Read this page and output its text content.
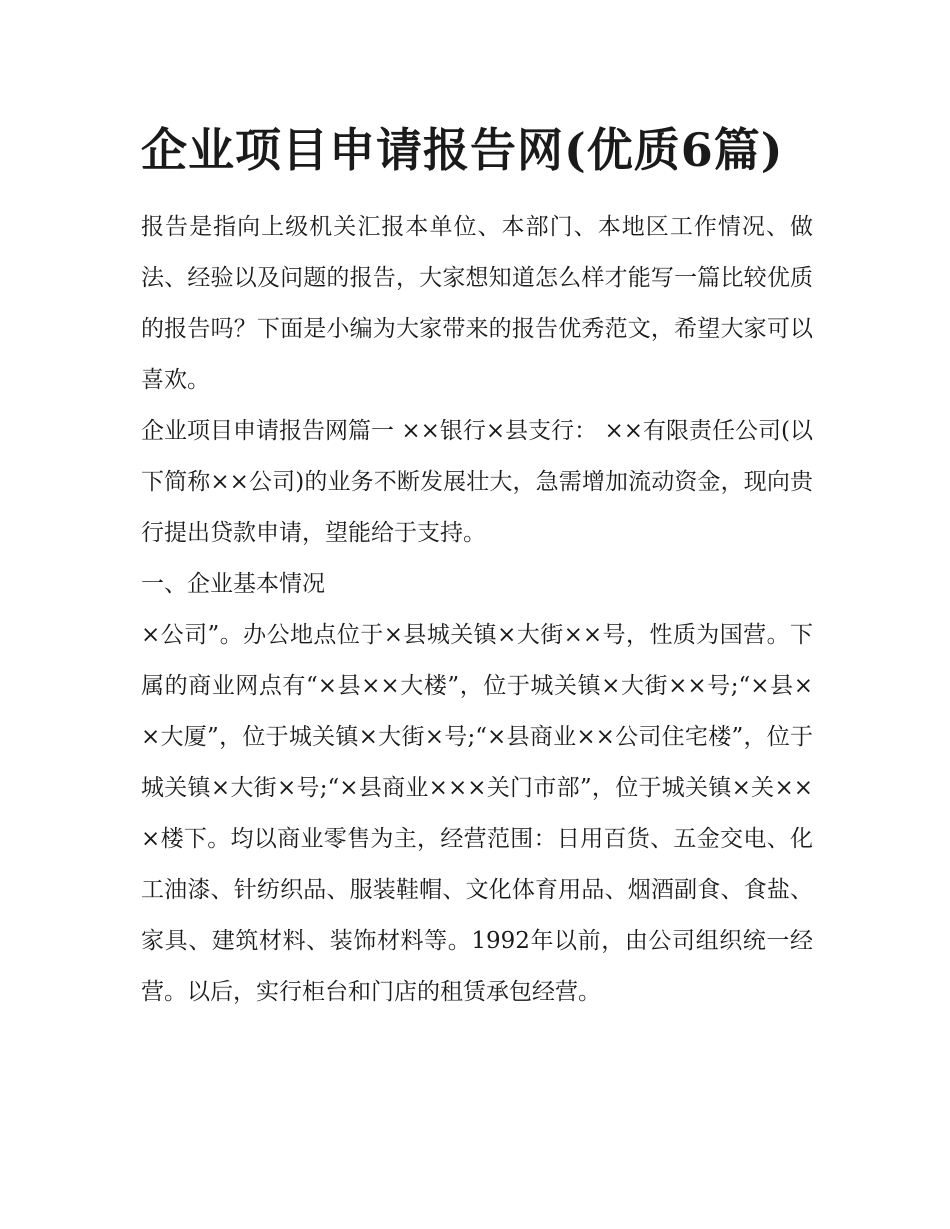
企业项目申请报告网(优质6篇)

报告是指向上级机关汇报本单位、本部门、本地区工作情况、做法、经验以及问题的报告，大家想知道怎么样才能写一篇比较优质的报告吗？下面是小编为大家带来的报告优秀范文，希望大家可以喜欢。

企业项目申请报告网篇一 ××银行×县支行： ××有限责任公司(以下简称××公司)的业务不断发展壮大，急需增加流动资金，现向贵行提出贷款申请，望能给于支持。

一、企业基本情况

×公司”。办公地点位于×县城关镇×大街××号，性质为国营。下属的商业网点有“×县××大楼”，位于城关镇×大街××号;“×县××大厦”，位于城关镇×大街×号;“×县商业××公司住宅楼”，位于城关镇×大街×号;“×县商业×××关门市部”，位于城关镇×关×××楼下。均以商业零售为主，经营范围：日用百货、五金交电、化工油漆、针纺织品、服装鞋帽、文化体育用品、烟酒副食、食盐、家具、建筑材料、装饰材料等。1992年以前，由公司组织统一经营。以后，实行柜台和门店的租赁承包经营。
